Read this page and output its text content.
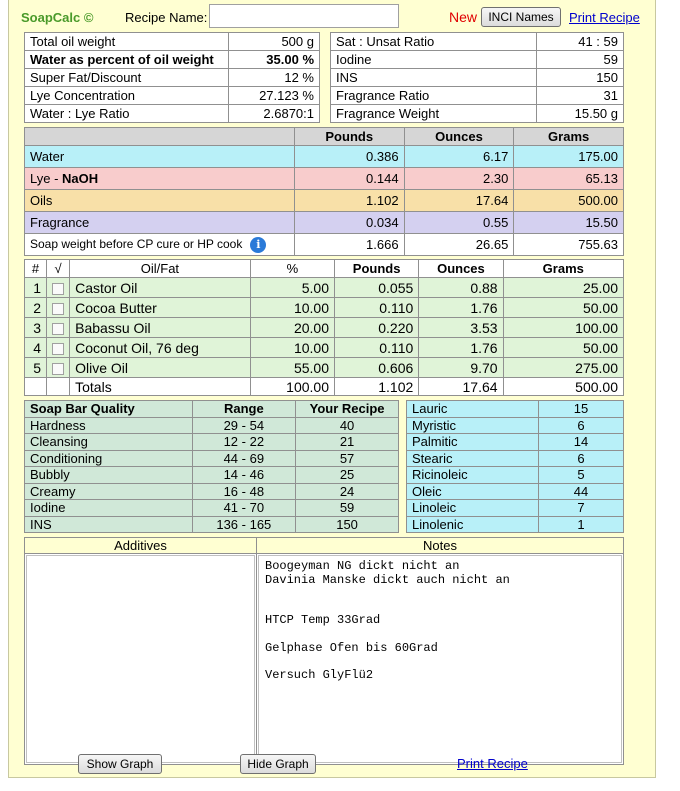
SoapCalc © Recipe Name:	New INCI Names	Print Recipe
Total oil weight	500 g
Water as percent of oil weight	35.00 %
Super Fat/Discount	12 %
Lye Concentration	27.123 %
Water : Lye Ratio	2.6870:1
Sat : Unsat Ratio	41 : 59
Iodine	59
INS	150
Fragrance Ratio	31
Fragrance Weight	15.50 g
	Pounds	Ounces	Grams
Water	0.386	6.17	175.00
Lye - NaOH	0.144	2.30	65.13
Oils	1.102	17.64	500.00
Fragrance	0.034	0.55	15.50
Soap weight before CP cure or HP cook i	1.666	26.65	755.63
#	√	Oil/Fat	%	Pounds	Ounces	Grams
1		Castor Oil	5.00	0.055	0.88	25.00
2		Cocoa Butter	10.00	0.110	1.76	50.00
3		Babassu Oil	20.00	0.220	3.53	100.00
4		Coconut Oil, 76 deg	10.00	0.110	1.76	50.00
5		Olive Oil	55.00	0.606	9.70	275.00
		Totals	100.00	1.102	17.64	500.00
Soap Bar Quality	Range	Your Recipe
Hardness	29 - 54	40
Cleansing	12 - 22	21
Conditioning	44 - 69	57
Bubbly	14 - 46	25
Creamy	16 - 48	24
Iodine	41 - 70	59
INS	136 - 165	150
Lauric	15
Myristic	6
Palmitic	14
Stearic	6
Ricinoleic	5
Oleic	44
Linoleic	7
Linolenic	1
Additives	Notes

	Boogeyman NG dickt nicht an
Davinia Manske dickt auch nicht an

HTCP Temp 33Grad

Gelphase Ofen bis 60Grad

Versuch GlyFlü2
Show Graph	Hide Graph	Print Recipe
